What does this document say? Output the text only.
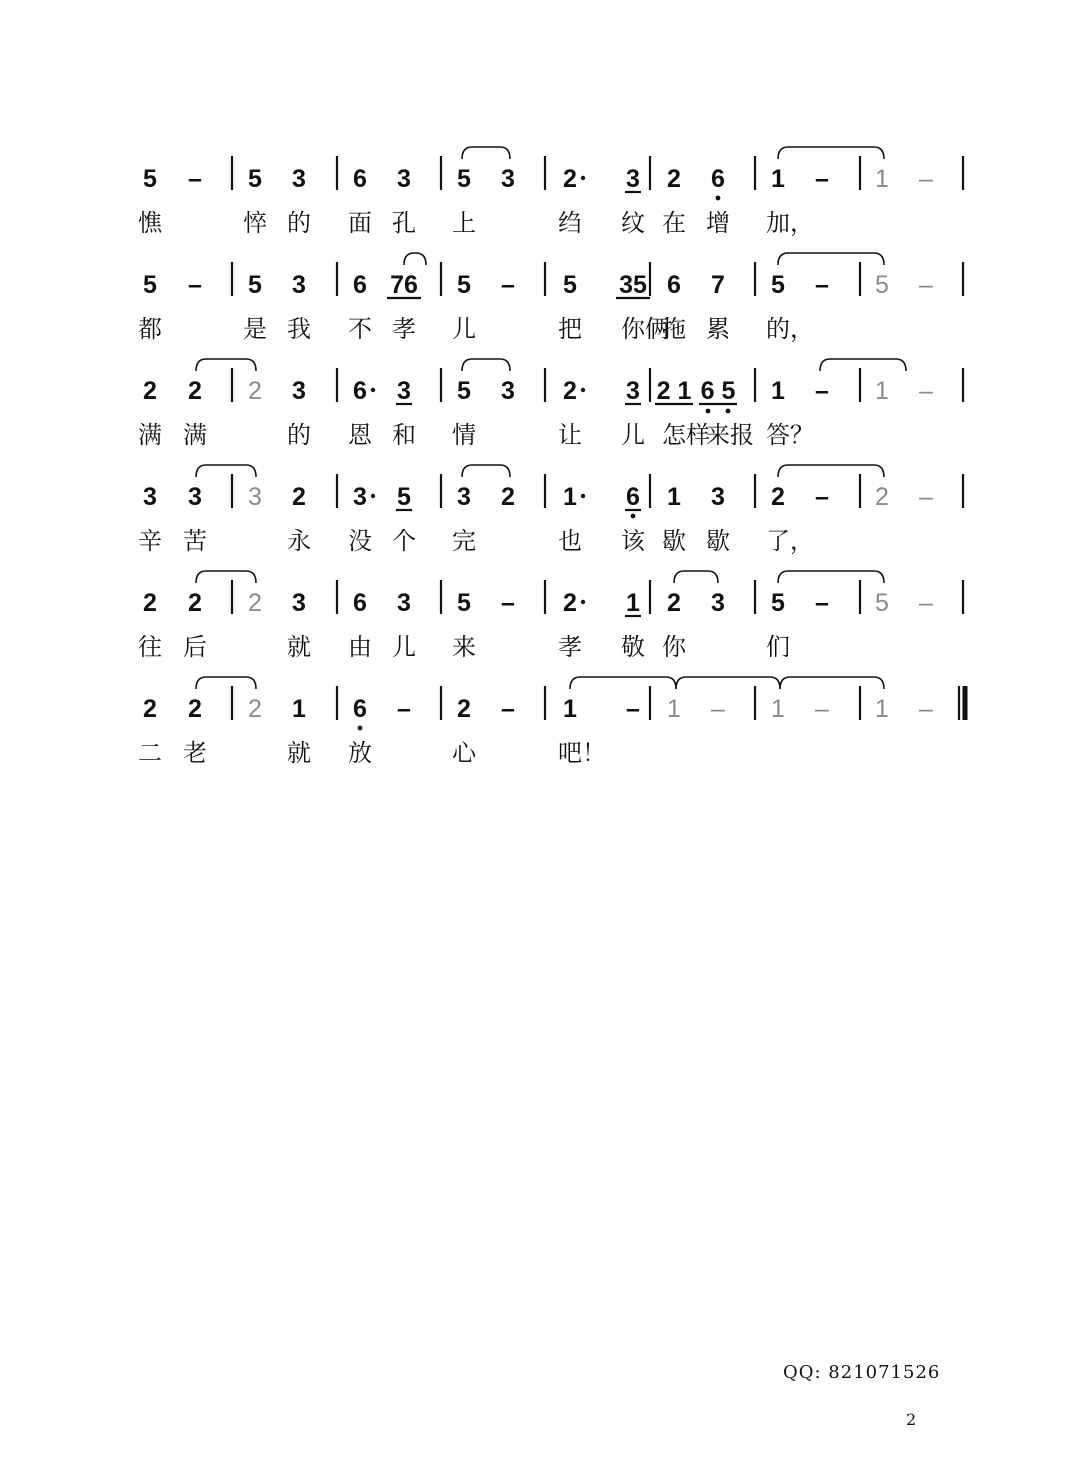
5 – 5 3 6 3 5 3 2 3 2 6 1 – 1 –
憔	悴 的 面 孔 上	绉 纹 在 增 加，
5 – 5 3 6 76 5 – 5 35 6 7 5 – 5 –
都	是 我 不 孝 儿	把 你俩
拖 累 的，
2 2 2 3 6 3 5 3 2 3 2 1 6 5 1 – 1 –
满 满	的 恩 和 情	让 儿 怎样
来报 答？
3 3 3 2 3 5 3 2 1 6 1 3 2 – 2 –
辛 苦	永 没 个 完	也 该 歇 歇 了，
2 2 2 3 6 3 5 – 2 1 2 3 5 – 5 –
往 后	就 由 儿 来	孝 敬 你	们
2 2 2 1 6 – 2 – 1 – 1 – 1 – 1 –
二 老	就 放	心	吧！
QQ: 821071526
2
